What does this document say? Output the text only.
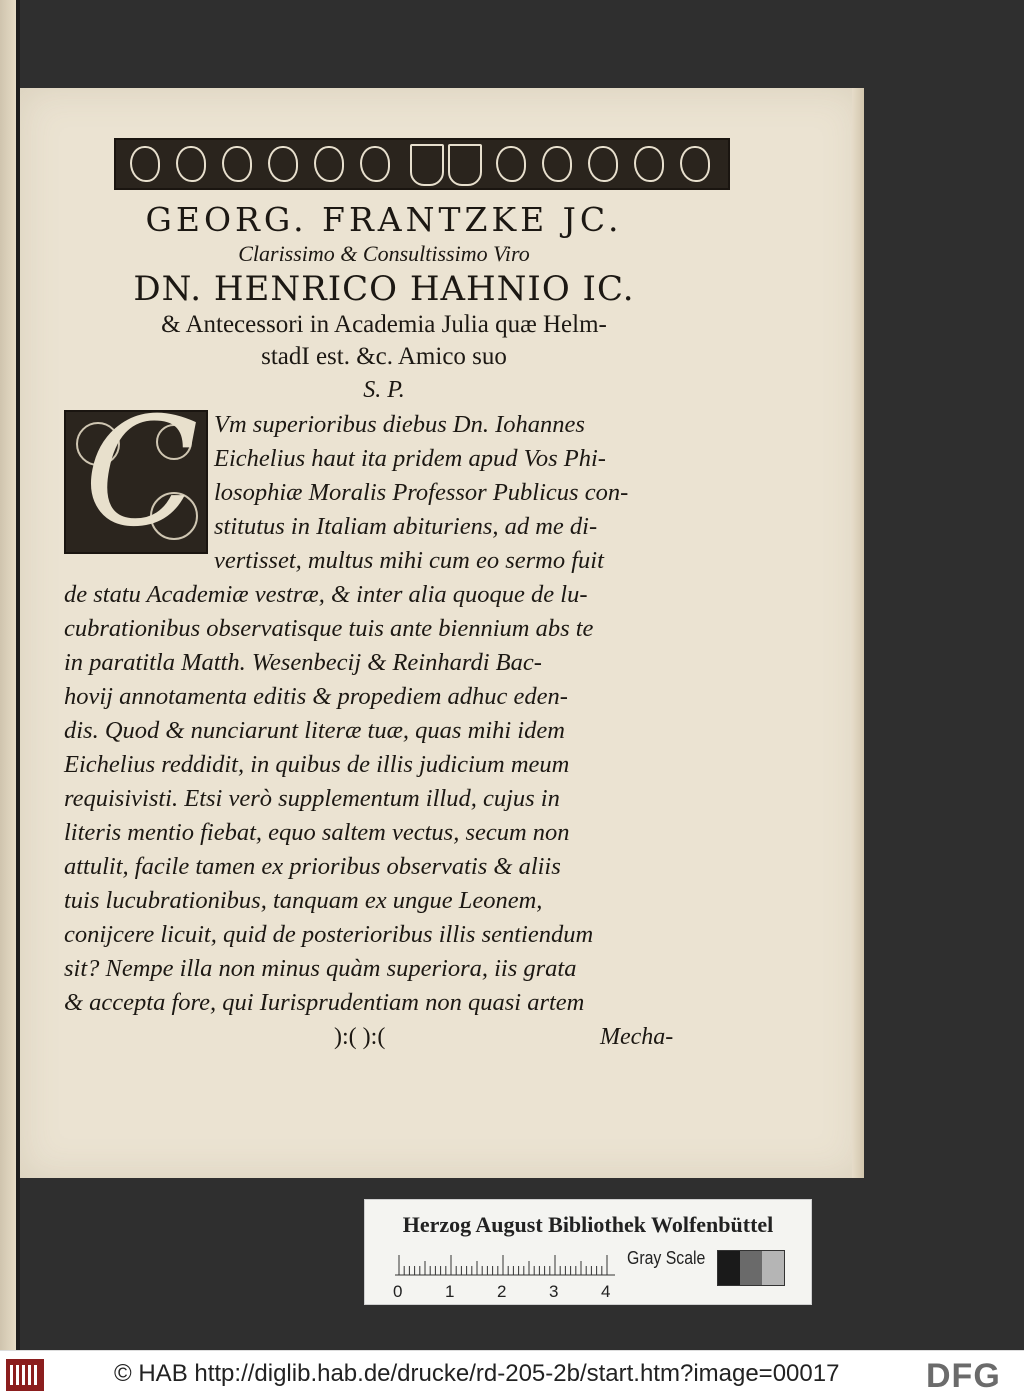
GEORG. FRANTZKE JC.
Clarissimo & Consultissimo Viro
DN. HENRICO HAHNIO IC.
& Antecessori in Academia Julia quæ Helm-
stadI est. &c. Amico suo
S. P.
C Vm superioribus diebus Dn. Iohannes
Eichelius haut ita pridem apud Vos Phi-
losophiæ Moralis Professor Publicus con-
stitutus in Italiam abituriens, ad me di-
vertisset, multus mihi cum eo sermo fuit
de statu Academiæ vestræ, & inter alia quoque de lu-
cubrationibus observatisque tuis ante biennium abs te
in paratitla Matth. Wesenbecij & Reinhardi Bac-
hovij annotamenta editis & propediem adhuc eden-
dis. Quod & nunciarunt literæ tuæ, quas mihi idem
Eichelius reddidit, in quibus de illis judicium meum
requisivisti. Etsi verò supplementum illud, cujus in
literis mentio fiebat, equo saltem vectus, secum non
attulit, facile tamen ex prioribus observatis & aliis
tuis lucubrationibus, tanquam ex ungue Leonem,
conijcere licuit, quid de posterioribus illis sentiendum
sit? Nempe illa non minus quàm superiora, iis grata
& accepta fore, qui Iurisprudentiam non quasi artem
):( ):(	Mecha-
Herzog August Bibliothek Wolfenbüttel
0	1	2	3	4
Gray Scale
© HAB http://diglib.hab.de/drucke/rd-205-2b/start.htm?image=00017	DFG
